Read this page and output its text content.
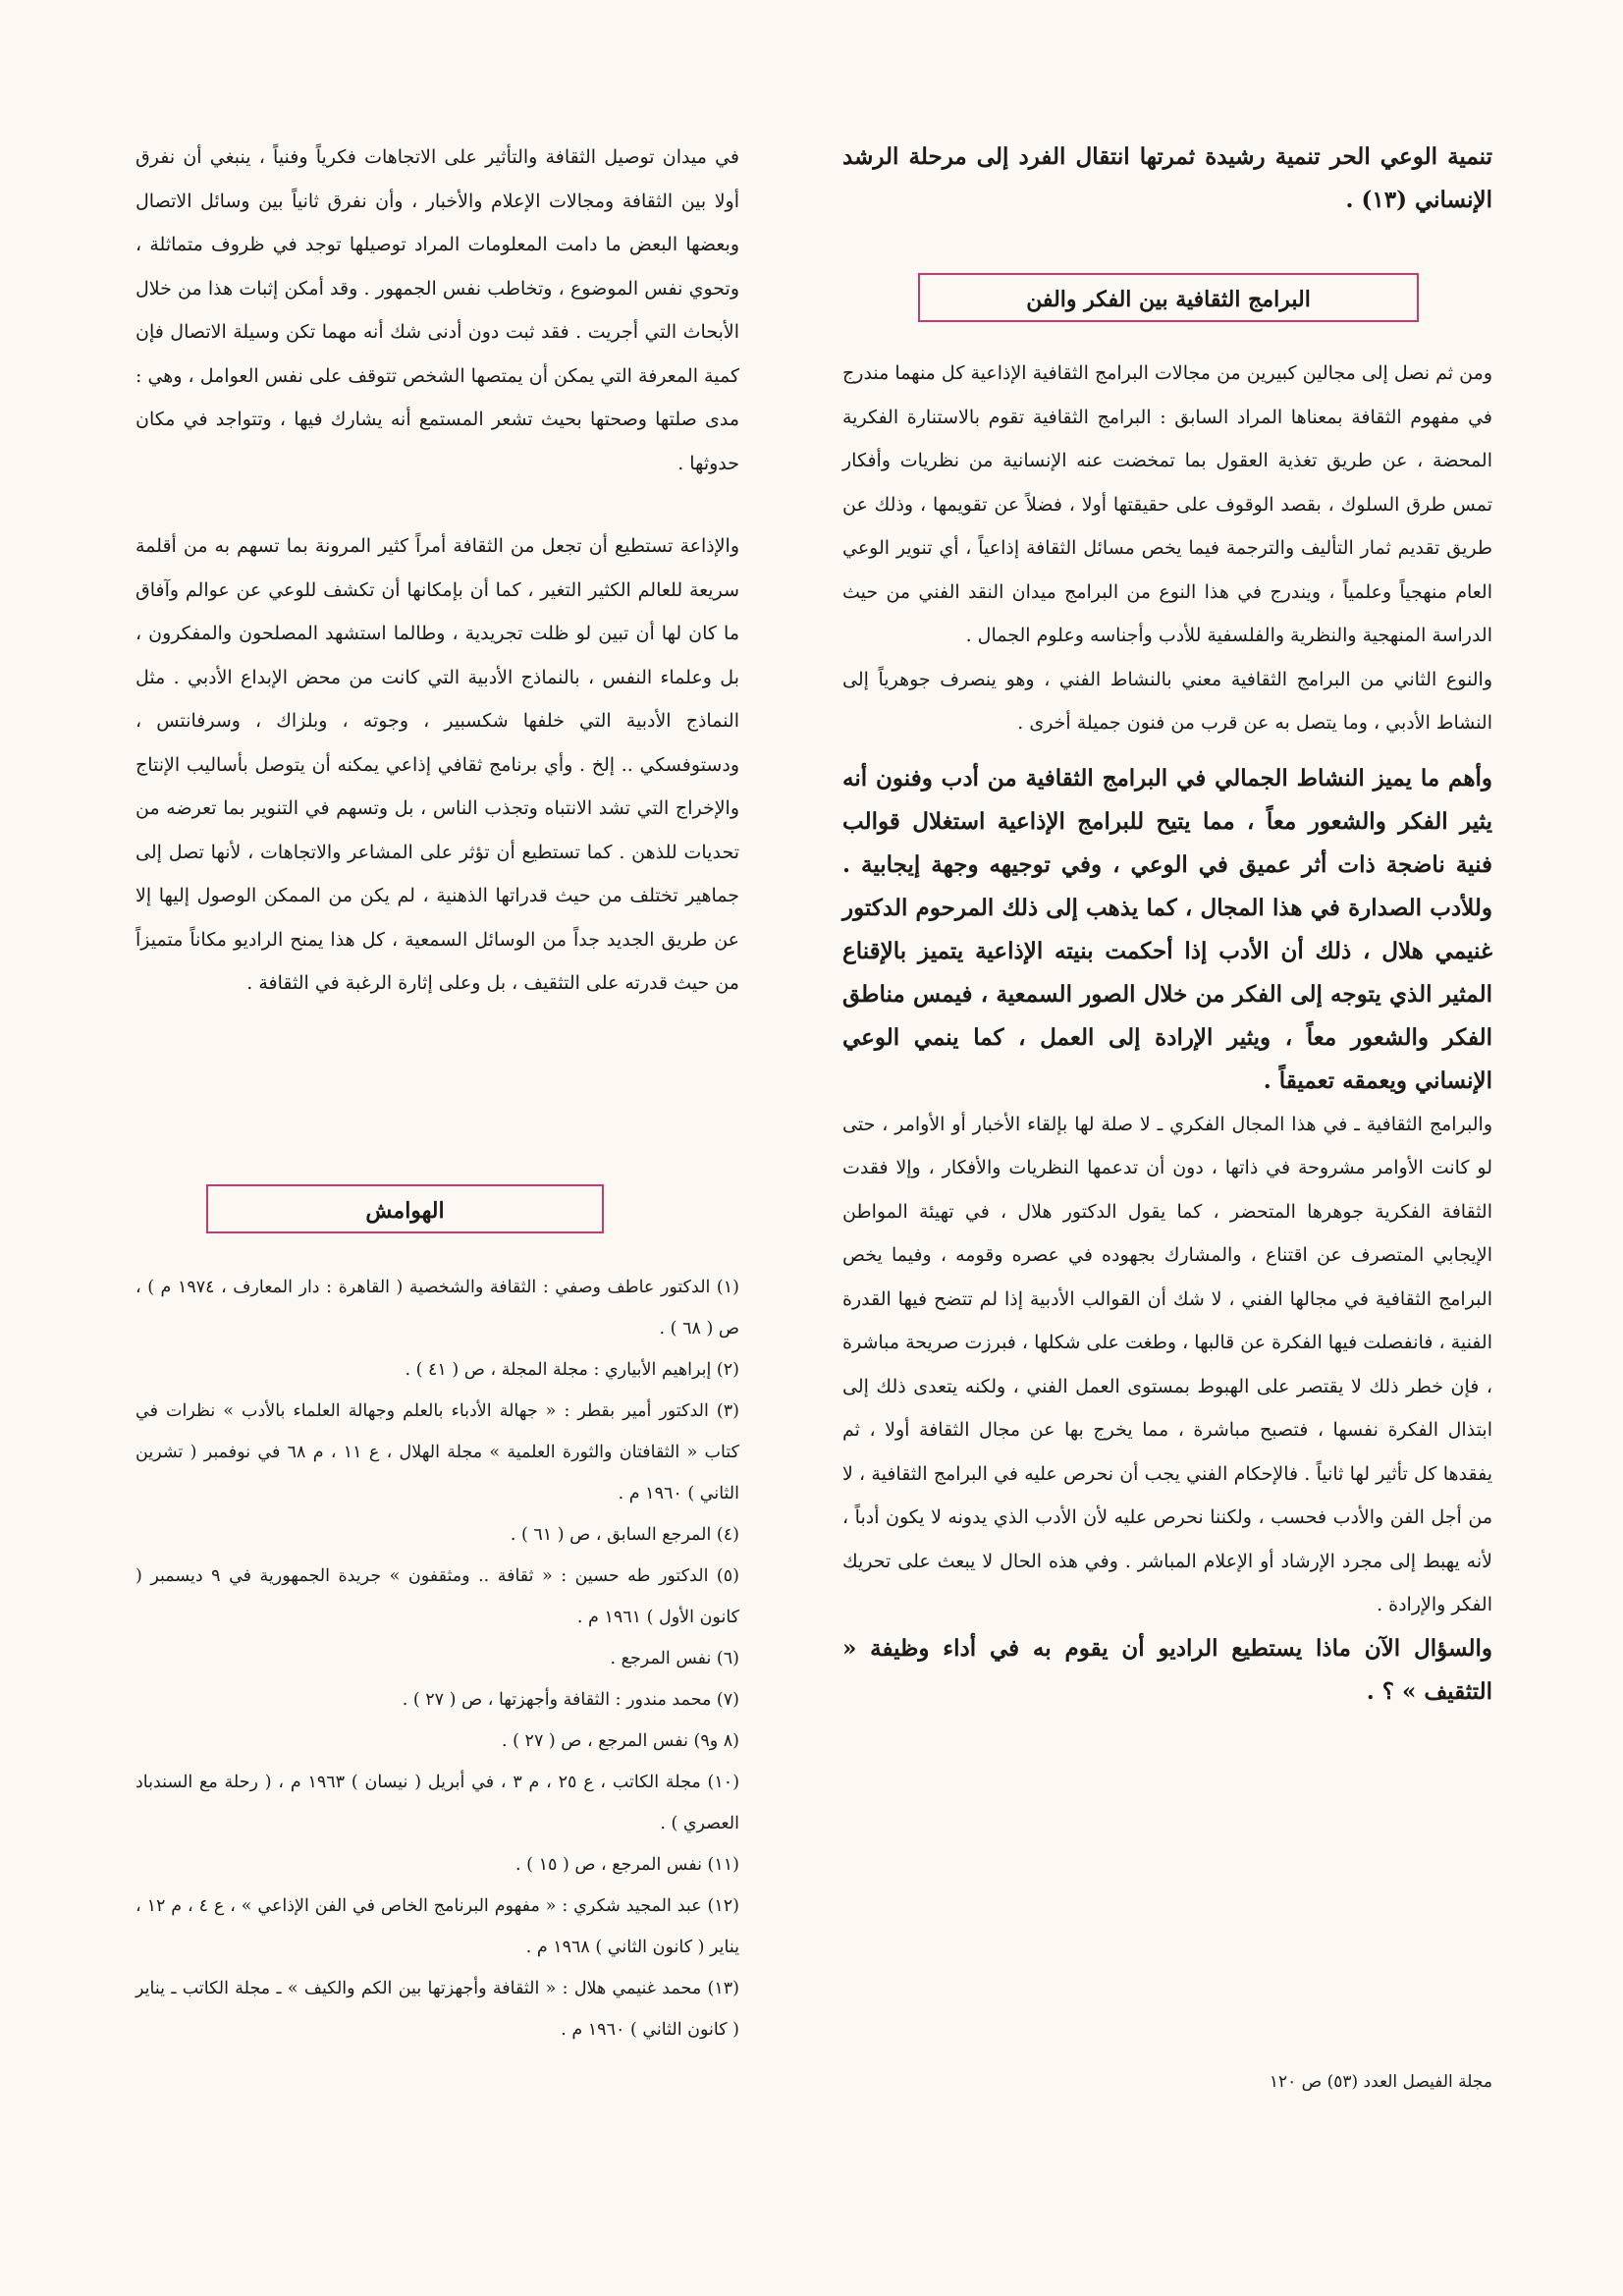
تنمية الوعي الحر تنمية رشيدة ثمرتها انتقال الفرد إلى مرحلة الرشد الإنساني (١٣) .

البرامج الثقافية بين الفكر والفن

ومن ثم نصل إلى مجالين كبيرين من مجالات البرامج الثقافية الإذاعية كل منهما مندرج في مفهوم الثقافة بمعناها المراد السابق : البرامج الثقافية تقوم بالاستنارة الفكرية المحضة ، عن طريق تغذية العقول بما تمخضت عنه الإنسانية من نظريات وأفكار تمس طرق السلوك ، بقصد الوقوف على حقيقتها أولا ، فضلاً عن تقويمها ، وذلك عن طريق تقديم ثمار التأليف والترجمة فيما يخص مسائل الثقافة إذاعياً ، أي تنوير الوعي العام منهجياً وعلمياً ، ويندرج في هذا النوع من البرامج ميدان النقد الفني من حيث الدراسة المنهجية والنظرية والفلسفية للأدب وأجناسه وعلوم الجمال .

والنوع الثاني من البرامج الثقافية معني بالنشاط الفني ، وهو ينصرف جوهرياً إلى النشاط الأدبي ، وما يتصل به عن قرب من فنون جميلة أخرى .

وأهم ما يميز النشاط الجمالي في البرامج الثقافية من أدب وفنون أنه يثير الفكر والشعور معاً ، مما يتيح للبرامج الإذاعية استغلال قوالب فنية ناضجة ذات أثر عميق في الوعي ، وفي توجيهه وجهة إيجابية . وللأدب الصدارة في هذا المجال ، كما يذهب إلى ذلك المرحوم الدكتور غنيمي هلال ، ذلك أن الأدب إذا أحكمت بنيته الإذاعية يتميز بالإقناع المثير الذي يتوجه إلى الفكر من خلال الصور السمعية ، فيمس مناطق الفكر والشعور معاً ، ويثير الإرادة إلى العمل ، كما ينمي الوعي الإنساني ويعمقه تعميقاً .

والبرامج الثقافية ـ في هذا المجال الفكري ـ لا صلة لها بإلقاء الأخبار أو الأوامر ، حتى لو كانت الأوامر مشروحة في ذاتها ، دون أن تدعمها النظريات والأفكار ، وإلا فقدت الثقافة الفكرية جوهرها المتحضر ، كما يقول الدكتور هلال ، في تهيئة المواطن الإيجابي المتصرف عن اقتناع ، والمشارك بجهوده في عصره وقومه ، وفيما يخص البرامج الثقافية في مجالها الفني ، لا شك أن القوالب الأدبية إذا لم تتضح فيها القدرة الفنية ، فانفصلت فيها الفكرة عن قالبها ، وطغت على شكلها ، فبرزت صريحة مباشرة ، فإن خطر ذلك لا يقتصر على الهبوط بمستوى العمل الفني ، ولكنه يتعدى ذلك إلى ابتذال الفكرة نفسها ، فتصبح مباشرة ، مما يخرج بها عن مجال الثقافة أولا ، ثم يفقدها كل تأثير لها ثانياً . فالإحكام الفني يجب أن نحرص عليه في البرامج الثقافية ، لا من أجل الفن والأدب فحسب ، ولكننا نحرص عليه لأن الأدب الذي يدونه لا يكون أدباً ، لأنه يهبط إلى مجرد الإرشاد أو الإعلام المباشر . وفي هذه الحال لا يبعث على تحريك الفكر والإرادة .

والسؤال الآن ماذا يستطيع الراديو أن يقوم به في أداء وظيفة « التثقيف » ؟ .

في ميدان توصيل الثقافة والتأثير على الاتجاهات فكرياً وفنياً ، ينبغي أن نفرق أولا بين الثقافة ومجالات الإعلام والأخبار ، وأن نفرق ثانياً بين وسائل الاتصال وبعضها البعض ما دامت المعلومات المراد توصيلها توجد في ظروف متماثلة ، وتحوي نفس الموضوع ، وتخاطب نفس الجمهور . وقد أمكن إثبات هذا من خلال الأبحاث التي أجريت . فقد ثبت دون أدنى شك أنه مهما تكن وسيلة الاتصال فإن كمية المعرفة التي يمكن أن يمتصها الشخص تتوقف على نفس العوامل ، وهي : مدى صلتها وصحتها بحيث تشعر المستمع أنه يشارك فيها ، وتتواجد في مكان حدوثها .

والإذاعة تستطيع أن تجعل من الثقافة أمراً كثير المرونة بما تسهم به من أقلمة سريعة للعالم الكثير التغير ، كما أن بإمكانها أن تكشف للوعي عن عوالم وآفاق ما كان لها أن تبين لو ظلت تجريدية ، وطالما استشهد المصلحون والمفكرون ، بل وعلماء النفس ، بالنماذج الأدبية التي كانت من محض الإبداع الأدبي . مثل النماذج الأدبية التي خلفها شكسبير ، وجوته ، وبلزاك ، وسرفانتس ، ودستوفسكي .. إلخ . وأي برنامج ثقافي إذاعي يمكنه أن يتوصل بأساليب الإنتاج والإخراج التي تشد الانتباه وتجذب الناس ، بل وتسهم في التنوير بما تعرضه من تحديات للذهن . كما تستطيع أن تؤثر على المشاعر والاتجاهات ، لأنها تصل إلى جماهير تختلف من حيث قدراتها الذهنية ، لم يكن من الممكن الوصول إليها إلا عن طريق الجديد جداً من الوسائل السمعية ، كل هذا يمنح الراديو مكاناً متميزاً من حيث قدرته على التثقيف ، بل وعلى إثارة الرغبة في الثقافة .

الهوامش
(١) الدكتور عاطف وصفي : الثقافة والشخصية ( القاهرة : دار المعارف ، ١٩٧٤ م ) ، ص ( ٦٨ ) .
(٢) إبراهيم الأبياري : مجلة المجلة ، ص ( ٤١ ) .
(٣) الدكتور أمير بقطر : « جهالة الأدباء بالعلم وجهالة العلماء بالأدب » نظرات في كتاب « الثقافتان والثورة العلمية » مجلة الهلال ، ع ١١ ، م ٦٨ في نوفمبر ( تشرين الثاني ) ١٩٦٠ م .
(٤) المرجع السابق ، ص ( ٦١ ) .
(٥) الدكتور طه حسين : « ثقافة .. ومثقفون » جريدة الجمهورية في ٩ ديسمبر ( كانون الأول ) ١٩٦١ م .
(٦) نفس المرجع .
(٧) محمد مندور : الثقافة وأجهزتها ، ص ( ٢٧ ) .
(٨ و٩) نفس المرجع ، ص ( ٢٧ ) .
(١٠) مجلة الكاتب ، ع ٢٥ ، م ٣ ، في أبريل ( نيسان ) ١٩٦٣ م ، ( رحلة مع السندباد العصري ) .
(١١) نفس المرجع ، ص ( ١٥ ) .
(١٢) عبد المجيد شكري : « مفهوم البرنامج الخاص في الفن الإذاعي » ، ع ٤ ، م ١٢ ، يناير ( كانون الثاني ) ١٩٦٨ م .
(١٣) محمد غنيمي هلال : « الثقافة وأجهزتها بين الكم والكيف » ـ مجلة الكاتب ـ يناير ( كانون الثاني ) ١٩٦٠ م .
مجلة الفيصل العدد (٥٣) ص ١٢٠
